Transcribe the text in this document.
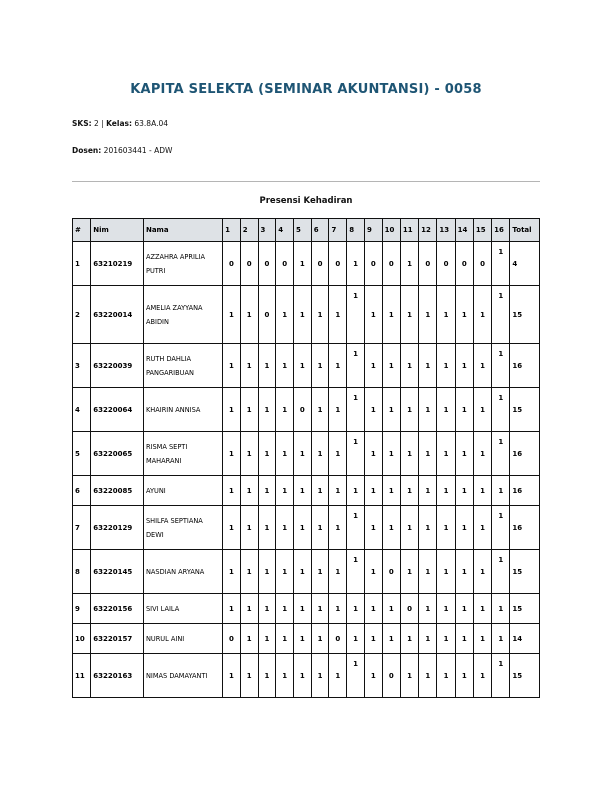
KAPITA SELEKTA (SEMINAR AKUNTANSI) - 0058
SKS: 2 | Kelas: 63.8A.04
Dosen: 201603441 - ADW
Presensi Kehadiran
#	Nim	Nama	1	2	3	4	5	6	7	8	9	10	11	12	13	14	15	16	Total
1	63210219	AZZAHRA APRILIA PUTRI	0	0	0	0	1	0	0	1	0	0	1	0	0	0	0	1	4
2	63220014	AMELIA ZAYYANA ABIDIN	1	1	0	1	1	1	1	1	1	1	1	1	1	1	1	1	15
3	63220039	RUTH DAHLIA PANGARIBUAN	1	1	1	1	1	1	1	1	1	1	1	1	1	1	1	1	16
4	63220064	KHAIRIN ANNISA	1	1	1	1	0	1	1	1	1	1	1	1	1	1	1	1	15
5	63220065	RISMA SEPTI MAHARANI	1	1	1	1	1	1	1	1	1	1	1	1	1	1	1	1	16
6	63220085	AYUNI	1	1	1	1	1	1	1	1	1	1	1	1	1	1	1	1	16
7	63220129	SHILFA SEPTIANA DEWI	1	1	1	1	1	1	1	1	1	1	1	1	1	1	1	1	16
8	63220145	NASDIAN ARYANA	1	1	1	1	1	1	1	1	1	0	1	1	1	1	1	1	15
9	63220156	SIVI LAILA	1	1	1	1	1	1	1	1	1	1	0	1	1	1	1	1	15
10	63220157	NURUL AINI	0	1	1	1	1	1	0	1	1	1	1	1	1	1	1	1	14
11	63220163	NIMAS DAMAYANTI	1	1	1	1	1	1	1	1	1	0	1	1	1	1	1	1	15
